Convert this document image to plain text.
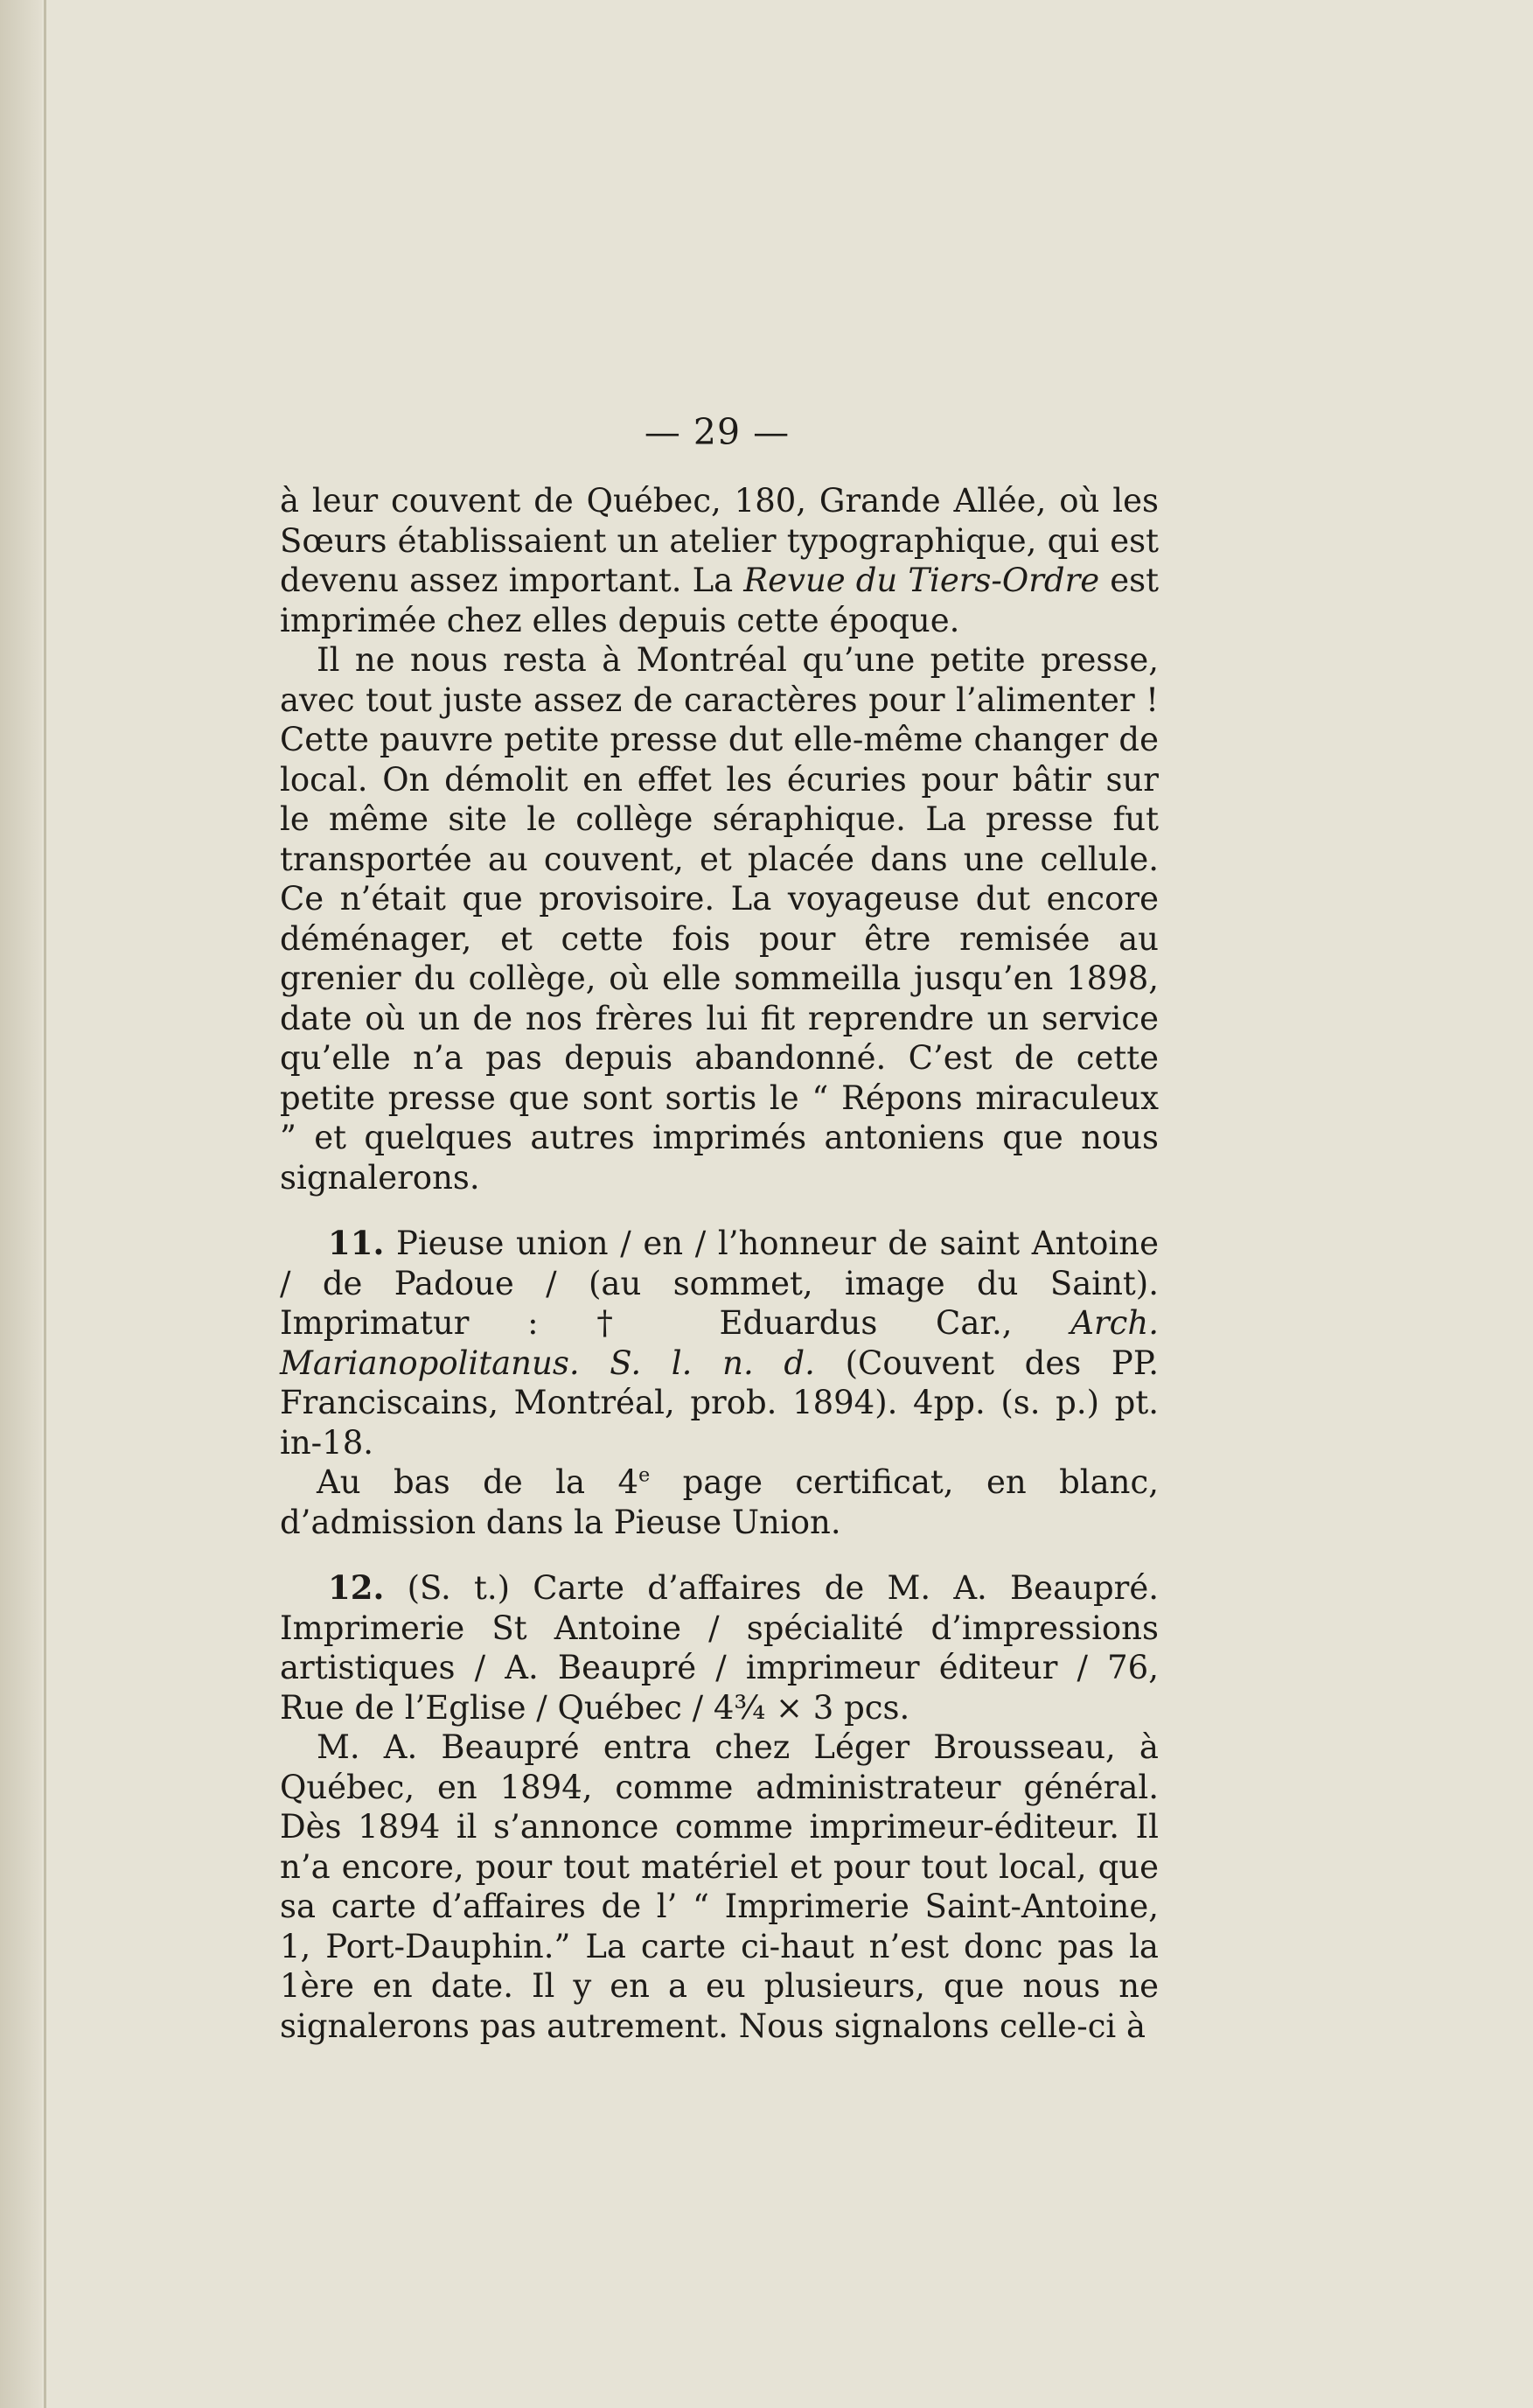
— 29 —

à leur couvent de Québec, 180, Grande Allée, où les Sœurs établissaient un atelier typographique, qui est devenu assez important. La Revue du Tiers-Ordre est imprimée chez elles depuis cette époque.

Il ne nous resta à Montréal qu’une petite presse, avec tout juste assez de caractères pour l’alimenter ! Cette pauvre petite presse dut elle-même changer de local. On démolit en effet les écuries pour bâtir sur le même site le collège séraphique. La presse fut transportée au couvent, et placée dans une cellule. Ce n’était que provisoire. La voyageuse dut encore déménager, et cette fois pour être remisée au grenier du collège, où elle sommeilla jusqu’en 1898, date où un de nos frères lui fit reprendre un service qu’elle n’a pas depuis abandonné. C’est de cette petite presse que sont sortis le “ Répons miraculeux ” et quelques autres imprimés antoniens que nous signalerons.

11. Pieuse union / en / l’honneur de saint Antoine / de Padoue / (au sommet, image du Saint). Imprimatur : † Eduardus Car., Arch. Marianopolitanus. S. l. n. d. (Couvent des PP. Franciscains, Montréal, prob. 1894). 4pp. (s. p.) pt. in-18.

Au bas de la 4e page certificat, en blanc, d’admission dans la Pieuse Union.

12. (S. t.) Carte d’affaires de M. A. Beaupré. Imprimerie St Antoine / spécialité d’impressions artistiques / A. Beaupré / imprimeur éditeur / 76, Rue de l’Eglise / Québec / 4¾ × 3 pcs.

M. A. Beaupré entra chez Léger Brousseau, à Québec, en 1894, comme administrateur général. Dès 1894 il s’annonce comme imprimeur-éditeur. Il n’a encore, pour tout matériel et pour tout local, que sa carte d’affaires de l’ “ Imprimerie Saint-Antoine, 1, Port-Dauphin.” La carte ci-haut n’est donc pas la 1ère en date. Il y en a eu plusieurs, que nous ne signalerons pas autrement. Nous signalons celle-ci à
